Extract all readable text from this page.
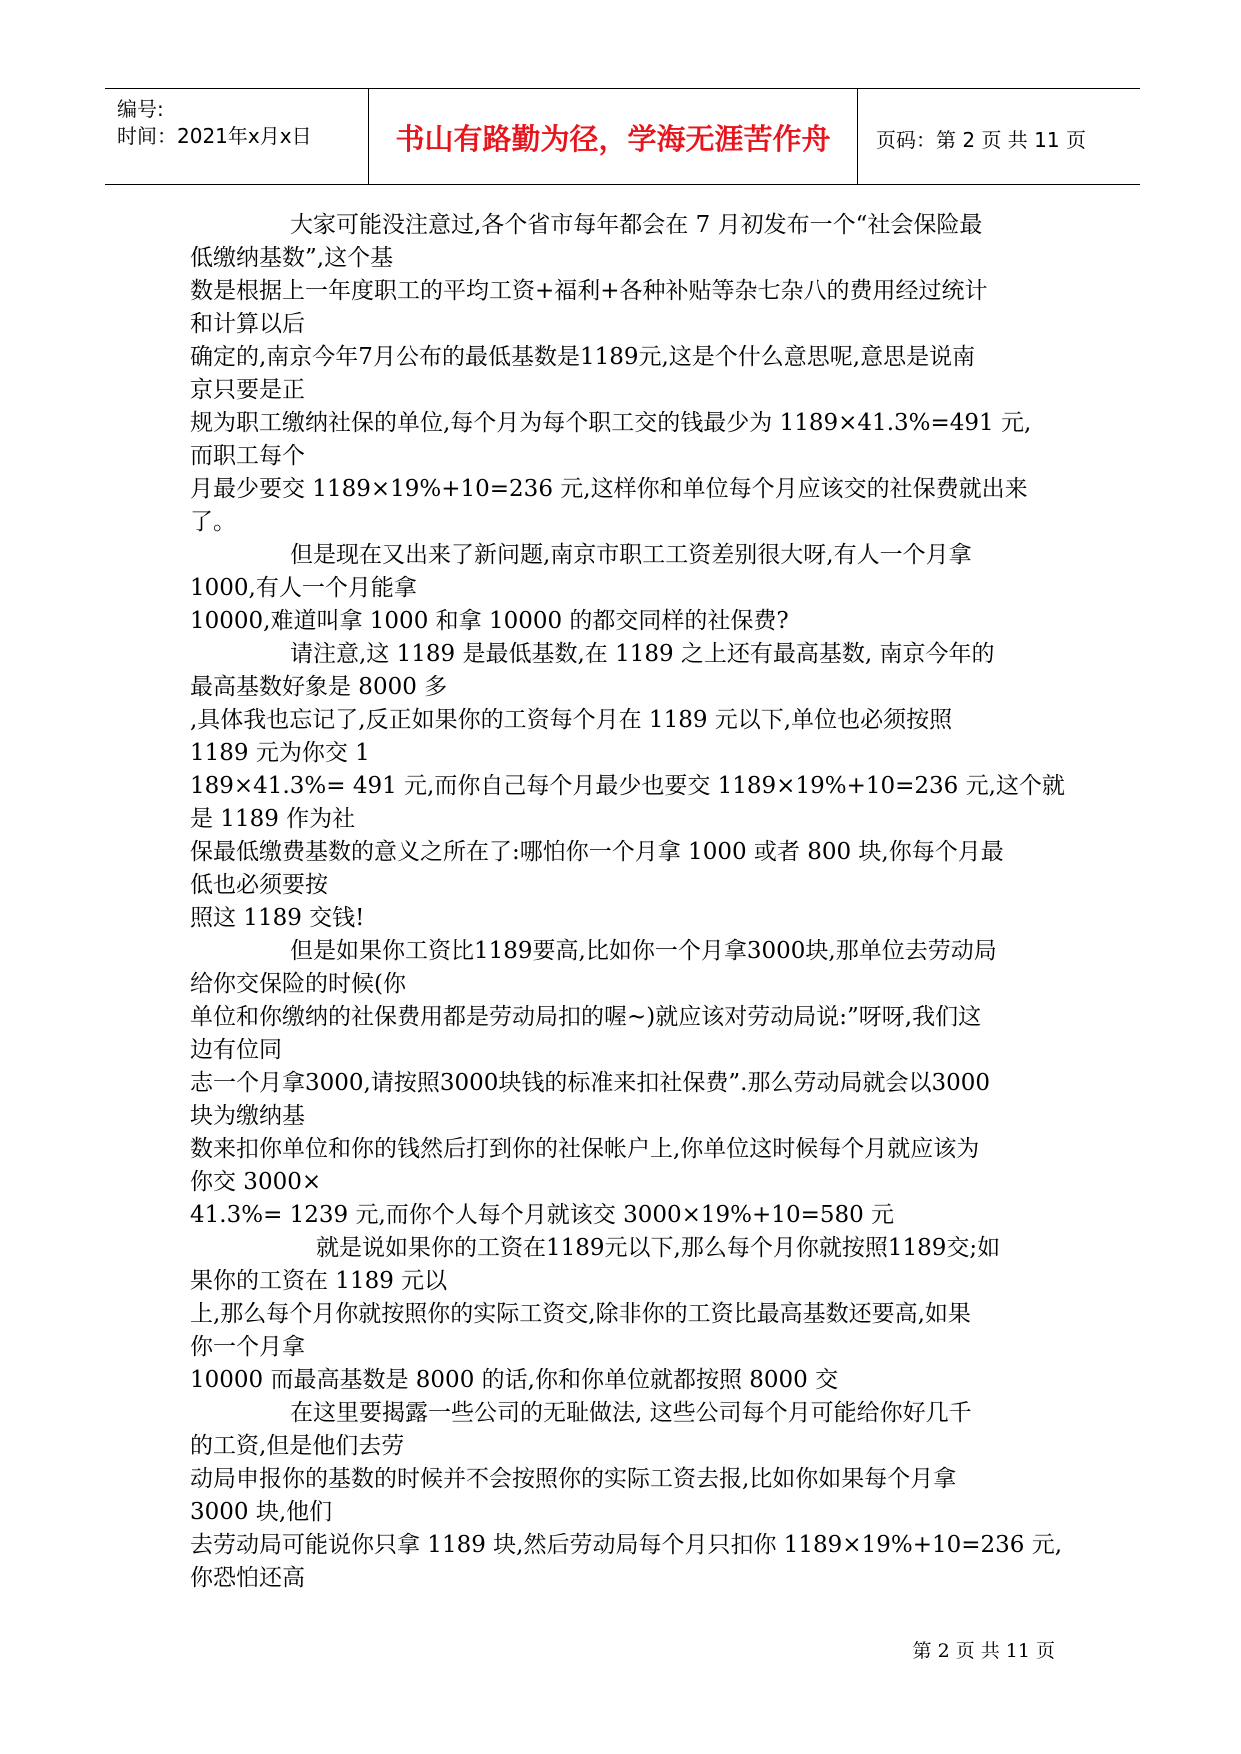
编号:
时间：2021年x月x日	书山有路勤为径，学海无涯苦作舟	页码：第 2 页 共 11 页
大家可能没注意过,各个省市每年都会在 7 月初发布一个“社会保险最
低缴纳基数”,这个基
数是根据上一年度职工的平均工资+福利+各种补贴等杂七杂八的费用经过统计
和计算以后
确定的,南京今年7月公布的最低基数是1189元,这是个什么意思呢,意思是说南
京只要是正
规为职工缴纳社保的单位,每个月为每个职工交的钱最少为 1189×41.3%=491 元,
而职工每个
月最少要交 1189×19%+10=236 元,这样你和单位每个月应该交的社保费就出来
了。
但是现在又出来了新问题,南京市职工工资差别很大呀,有人一个月拿
1000,有人一个月能拿
10000,难道叫拿 1000 和拿 10000 的都交同样的社保费?
请注意,这 1189 是最低基数,在 1189 之上还有最高基数, 南京今年的
最高基数好象是 8000 多
,具体我也忘记了,反正如果你的工资每个月在 1189 元以下,单位也必须按照
1189 元为你交 1
189×41.3%= 491 元,而你自己每个月最少也要交 1189×19%+10=236 元,这个就
是 1189 作为社
保最低缴费基数的意义之所在了:哪怕你一个月拿 1000 或者 800 块,你每个月最
低也必须要按
照这 1189 交钱!
但是如果你工资比1189要高,比如你一个月拿3000块,那单位去劳动局
给你交保险的时候(你
单位和你缴纳的社保费用都是劳动局扣的喔~)就应该对劳动局说:”呀呀,我们这
边有位同
志一个月拿3000,请按照3000块钱的标准来扣社保费”.那么劳动局就会以3000
块为缴纳基
数来扣你单位和你的钱然后打到你的社保帐户上,你单位这时候每个月就应该为
你交 3000×
41.3%= 1239 元,而你个人每个月就该交 3000×19%+10=580 元
就是说如果你的工资在1189元以下,那么每个月你就按照1189交;如
果你的工资在 1189 元以
上,那么每个月你就按照你的实际工资交,除非你的工资比最高基数还要高,如果
你一个月拿
10000 而最高基数是 8000 的话,你和你单位就都按照 8000 交
在这里要揭露一些公司的无耻做法, 这些公司每个月可能给你好几千
的工资,但是他们去劳
动局申报你的基数的时候并不会按照你的实际工资去报,比如你如果每个月拿
3000 块,他们
去劳动局可能说你只拿 1189 块,然后劳动局每个月只扣你 1189×19%+10=236 元,
你恐怕还高
第 2 页 共 11 页
